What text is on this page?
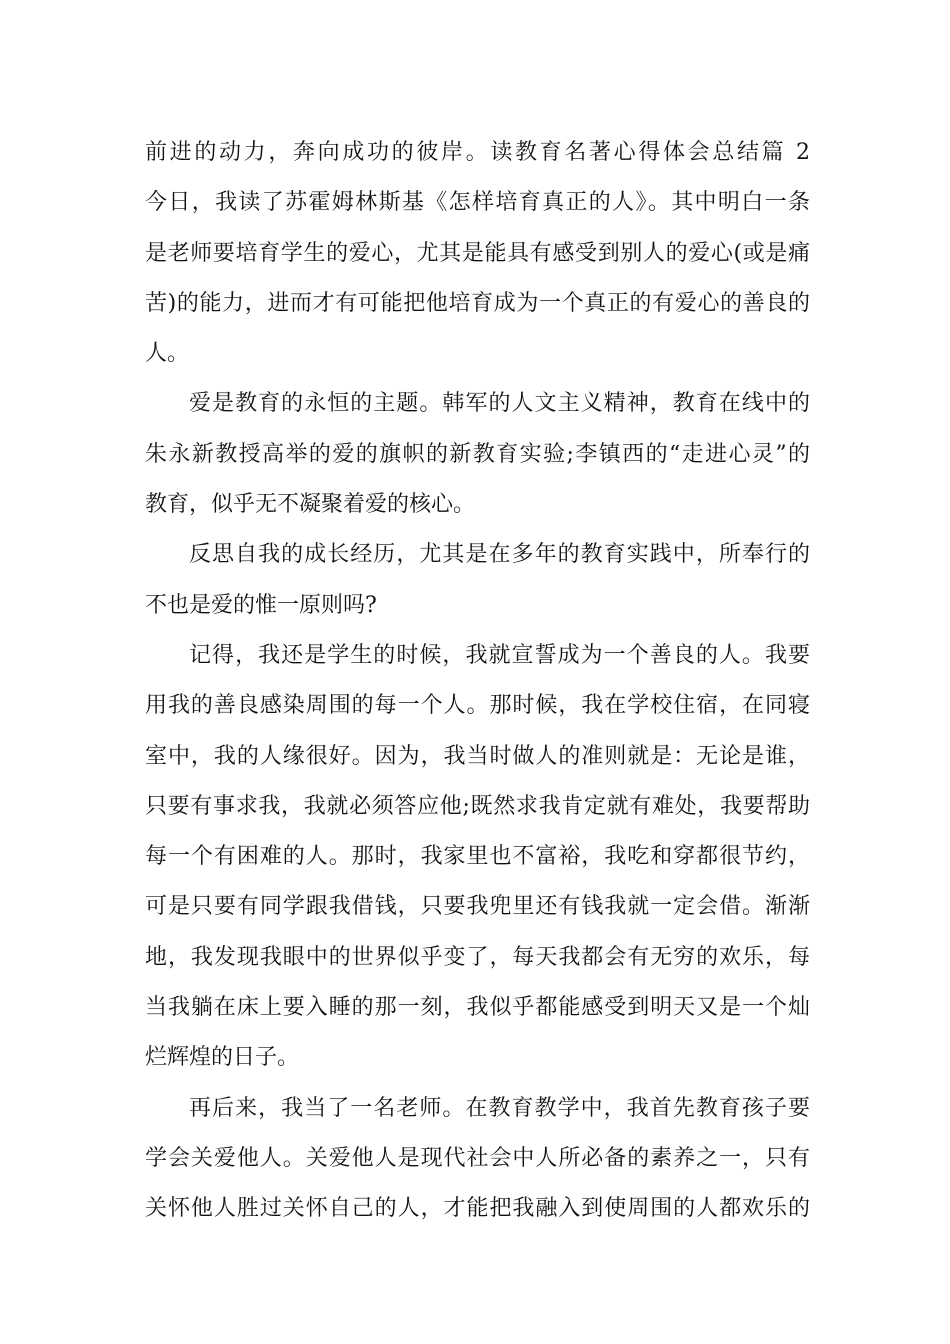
前进的动力，奔向成功的彼岸。读教育名著心得体会总结篇 2
今日，我读了苏霍姆林斯基《怎样培育真正的人》。其中明白一条
是老师要培育学生的爱心，尤其是能具有感受到别人的爱心(或是痛
苦)的能力，进而才有可能把他培育成为一个真正的有爱心的善良的
人。
爱是教育的永恒的主题。韩军的人文主义精神，教育在线中的
朱永新教授高举的爱的旗帜的新教育实验;李镇西的“走进心灵”的
教育，似乎无不凝聚着爱的核心。
反思自我的成长经历，尤其是在多年的教育实践中，所奉行的
不也是爱的惟一原则吗?
记得，我还是学生的时候，我就宣誓成为一个善良的人。我要
用我的善良感染周围的每一个人。那时候，我在学校住宿，在同寝
室中，我的人缘很好。因为，我当时做人的准则就是：无论是谁，
只要有事求我，我就必须答应他;既然求我肯定就有难处，我要帮助
每一个有困难的人。那时，我家里也不富裕，我吃和穿都很节约，
可是只要有同学跟我借钱，只要我兜里还有钱我就一定会借。渐渐
地，我发现我眼中的世界似乎变了，每天我都会有无穷的欢乐，每
当我躺在床上要入睡的那一刻，我似乎都能感受到明天又是一个灿
烂辉煌的日子。
再后来，我当了一名老师。在教育教学中，我首先教育孩子要
学会关爱他人。关爱他人是现代社会中人所必备的素养之一，只有
关怀他人胜过关怀自己的人，才能把我融入到使周围的人都欢乐的
